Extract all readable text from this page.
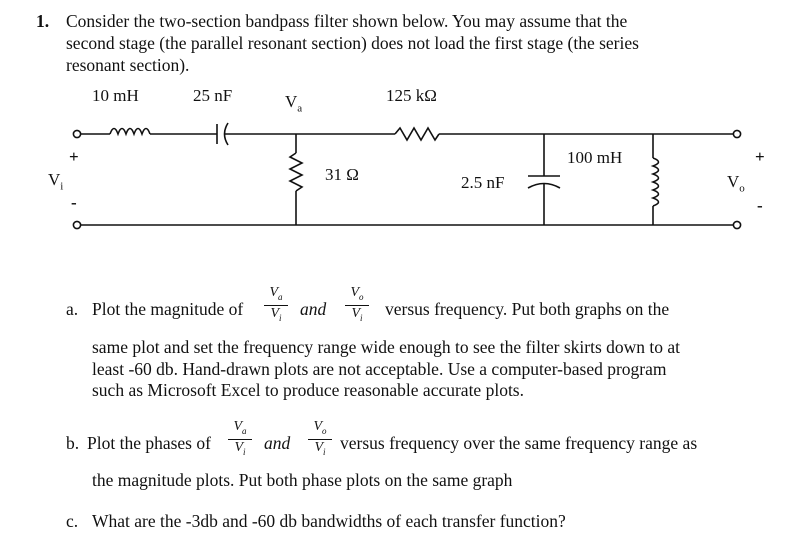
1. Consider the two-section bandpass filter shown below. You may assume that the
second stage (the parallel resonant section) does not load the first stage (the series
resonant section).
10 mH	25 nF	$V_a$
125 kΩ
31 Ω	2.5 nF
100 mH
+
$V_i$
-
+
$V_o$
-
a. Plot the magnitude of
$V_a$
$V_i$	and
$V_o$
$V_i$	versus frequency. Put both graphs on the
same plot and set the frequency range wide enough to see the filter skirts down to at
least -60 db. Hand-drawn plots are not acceptable. Use a computer-based program
such as Microsoft Excel to produce reasonable accurate plots.
b. Plot the phases of
$V_a$
$V_i$	and
$V_o$
$V_i$ versus frequency over the same frequency range as
the magnitude plots. Put both phase plots on the same graph
c. What are the -3db and -60 db bandwidths of each transfer function?
